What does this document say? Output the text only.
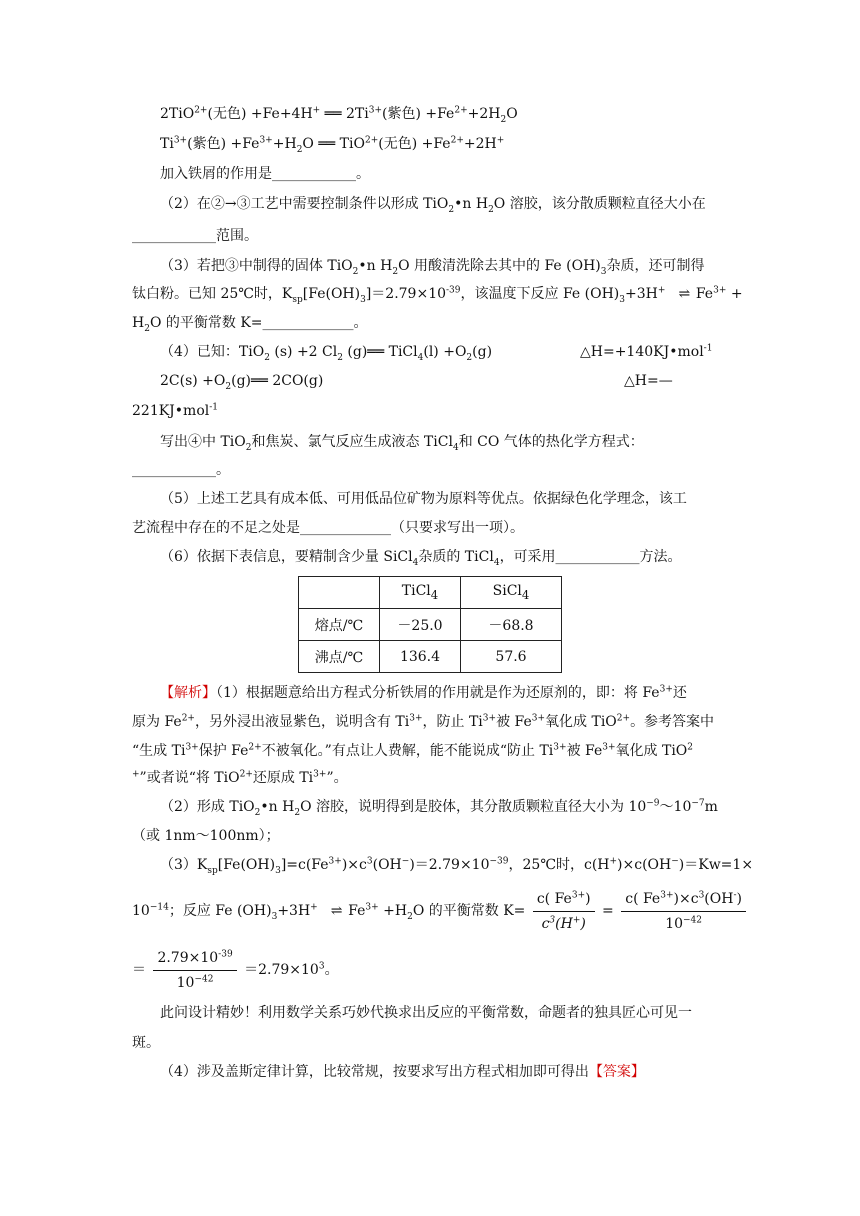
2TiO$^{2+}$(无色) +Fe+4H+ ══ $2Ti^{3+}$(紫色) $+Fe^{2+}+2H_2O$
$Ti^{3+}$(紫色) $+Fe^{3+}+H_2O$ ══ TiO$^{2+}$(无色) $+Fe^{2+}+2H^+$
加入铁屑的作用是____________。
（2）在②→③工艺中需要控制条件以形成 TiO$_2$•n $H_2O$ 溶胶，该分散质颗粒直径大小在
____________范围。
（3）若把③中制得的固体 TiO$_2$•n $H_2O$ 用酸清洗除去其中的 Fe $(OH)_3$杂质，还可制得
钛白粉。已知 25℃时，$K_{sp}[Fe(OH)_3]=2.79\times 10^{-39}$，该温度下反应 Fe $(OH)_3+3H^+$ ⇌ $Fe^{3+}$ +
$H_2O$ 的平衡常数 K=_____________。
（4）已知：TiO$_2$ (s) +2 $Cl_2$ (g)══ TiCl$_4$(l) $+O_2(g)$	△H=+140KJ•mol$^{-1}$
$2C(s) +O_2(g)══$ 2CO(g)	△H=—
221KJ•mol$^{-1}$
写出④中 TiO$_2$和焦炭、氯气反应生成液态 TiCl$_4$和 CO 气体的热化学方程式：
____________。
（5）上述工艺具有成本低、可用低品位矿物为原料等优点。依据绿色化学理念，该工
艺流程中存在的不足之处是_____________（只要求写出一项）。
（6）依据下表信息，要精制含少量 SiCl$_4$杂质的 TiCl$_4$，可采用____________方法。
	TiCl$_4$	SiCl$_4$
熔点/℃	－25.0	－68.8
沸点/℃	136.4	57.6
【解析】（1）根据题意给出方程式分析铁屑的作用就是作为还原剂的，即：将 $Fe^{3+}$还
原为 $Fe^{2+}$，另外浸出液显紫色，说明含有 $Ti^{3+}$，防止 $Ti^{3+}$被 $Fe^{3+}$氧化成 TiO$^{2+}$。参考答案中
“生成 $Ti^{3+}$保护 $Fe^{2+}$不被氧化。”有点让人费解，能不能说成“防止 $Ti^{3+}$被 $Fe^{3+}$氧化成 TiO$^2$
+”或者说“将 TiO$^{2+}$还原成 $Ti^{3+}$”。
（2）形成 TiO$_2$•n $H_2O$ 溶胶，说明得到是胶体，其分散质颗粒直径大小为 $10^{-9}\sim 10^{-7}m$
（或 1nm～100nm）；
$(3)K_{sp}[Fe(OH)_3]=c(Fe^{3+})\times c^3(OH^-)=2.79\times 10^{-39}$，25℃时，c(H+)×c(OH−)＝Kw=1×
$10^{-14}$；反应 Fe $(OH)_3+3H^+$ ⇌ $Fe^{3+} +H_2O$ 的平衡常数 $K= \frac{c( Fe^{3+})}{c^3(H^+)} = \frac{c( Fe^{3+})\times c^3(OH^-)}{10^{-42}}$
＝ $\frac{2.79\times 10^{-39}}{10^{-42}} =2.79\times 10^3$。
此问设计精妙！利用数学关系巧妙代换求出反应的平衡常数，命题者的独具匠心可见一
斑。
（4）涉及盖斯定律计算，比较常规，按要求写出方程式相加即可得出【答案】
